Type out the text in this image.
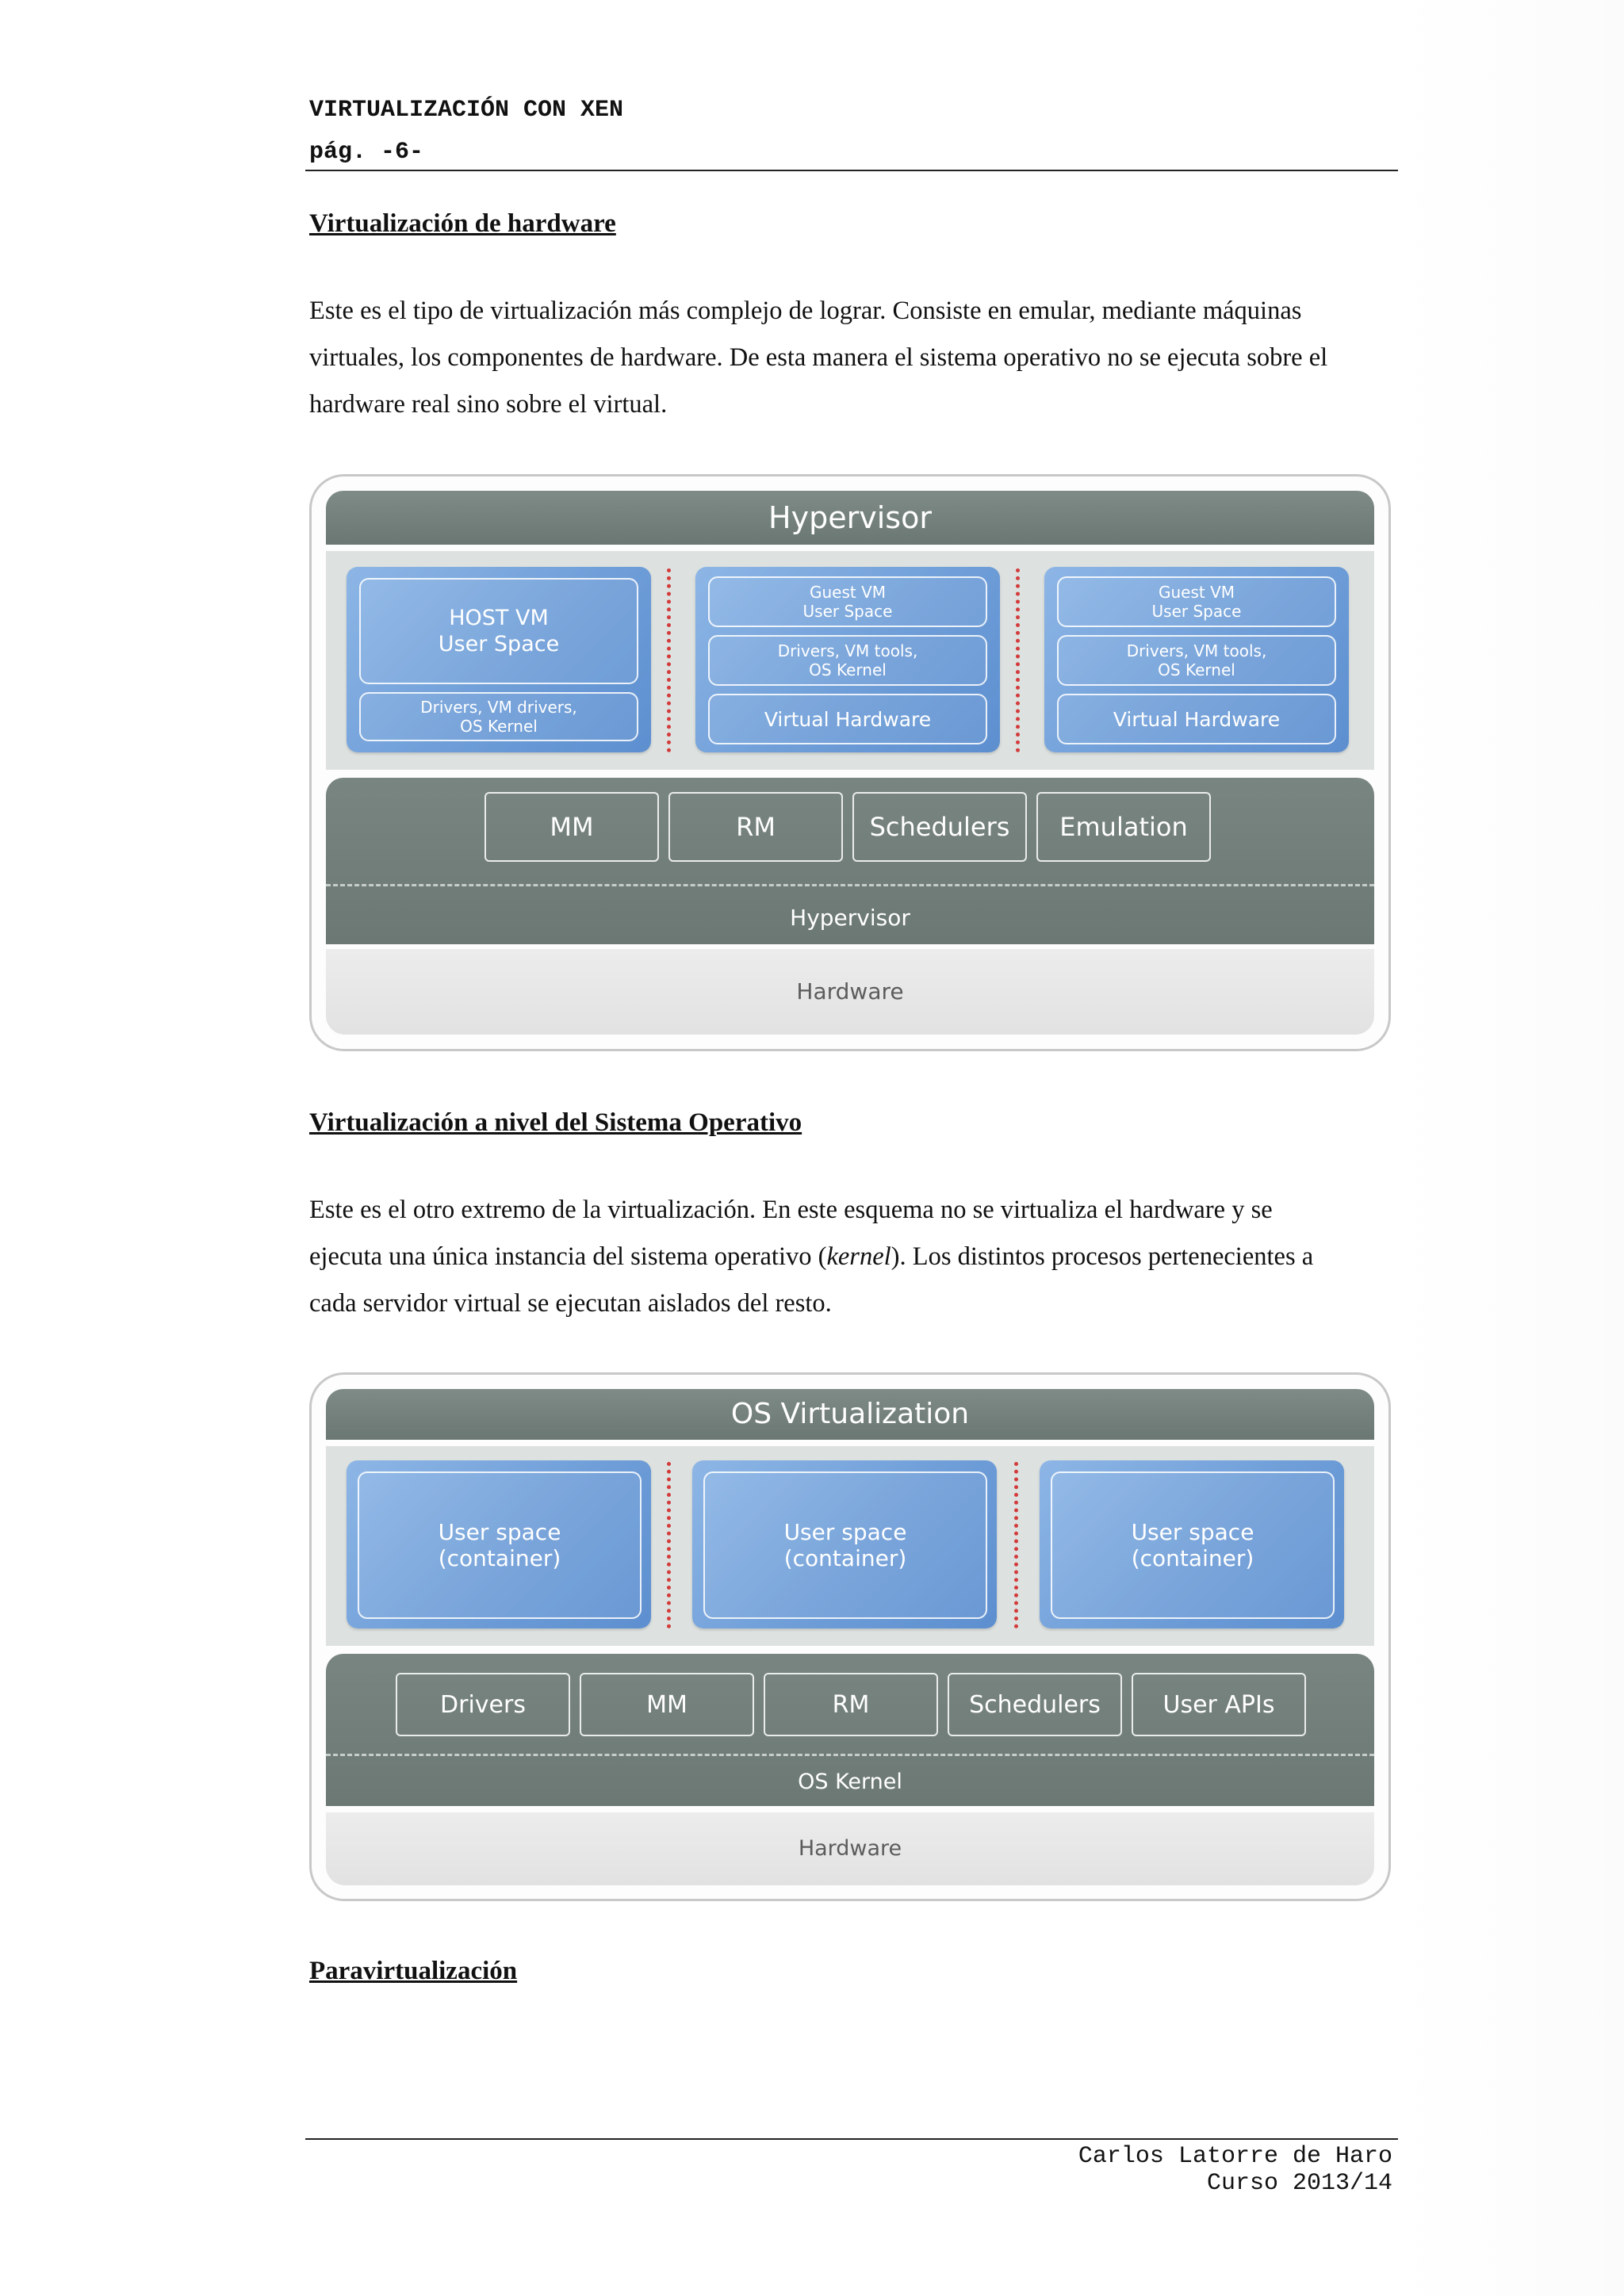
VIRTUALIZACIÓN CON XEN
pág. -6-
Virtualización de hardware

Este es el tipo de virtualización más complejo de lograr. Consiste en emular, mediante máquinas

virtuales, los componentes de hardware. De esta manera el sistema operativo no se ejecuta sobre el

hardware real sino sobre el virtual.

Hypervisor
HOST VM
User Space
Drivers, VM drivers,
OS Kernel
Guest VM
User Space
Drivers, VM tools,
OS Kernel
Virtual Hardware
Guest VM
User Space
Drivers, VM tools,
OS Kernel
Virtual Hardware
MM	RM	Schedulers	Emulation
Hypervisor
Hardware
Virtualización a nivel del Sistema Operativo

Este es el otro extremo de la virtualización. En este esquema no se virtualiza el hardware y se

ejecuta una única instancia del sistema operativo (kernel). Los distintos procesos pertenecientes a

cada servidor virtual se ejecutan aislados del resto.

OS Virtualization
User space
(container)
User space
(container)
User space
(container)
Drivers	MM	RM	Schedulers	User APIs
OS Kernel
Hardware
Paravirtualización
Carlos Latorre de Haro
Curso 2013/14
